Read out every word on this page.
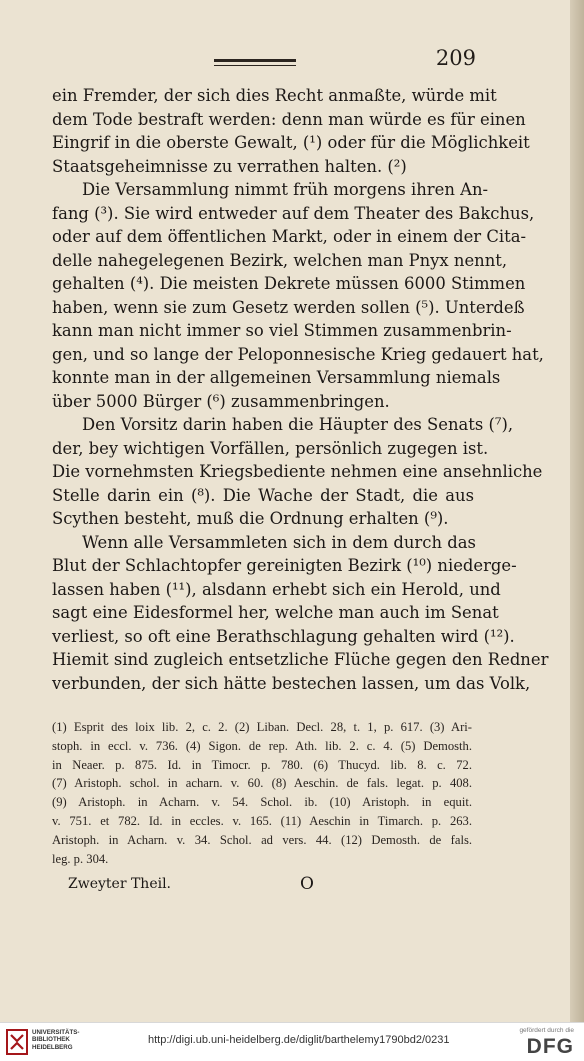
209
ein Fremder, der sich dies Recht anmaßte, würde mit
dem Tode bestraft werden: denn man würde es für einen
Eingrif in die oberste Gewalt, (¹) oder für die Möglichkeit
Staatsgeheimnisse zu verrathen halten. (²)
Die Versammlung nimmt früh morgens ihren An-
fang (³). Sie wird entweder auf dem Theater des Bakchus,
oder auf dem öffentlichen Markt, oder in einem der Cita-
delle nahegelegenen Bezirk, welchen man Pnyx nennt,
gehalten (⁴). Die meisten Dekrete müssen 6000 Stimmen
haben, wenn sie zum Gesetz werden sollen (⁵). Unterdeß
kann man nicht immer so viel Stimmen zusammenbrin-
gen, und so lange der Peloponnesische Krieg gedauert hat,
konnte man in der allgemeinen Versammlung niemals
über 5000 Bürger (⁶) zusammenbringen.
Den Vorsitz darin haben die Häupter des Senats (⁷),
der, bey wichtigen Vorfällen, persönlich zugegen ist.
Die vornehmsten Kriegsbediente nehmen eine ansehnliche
Stelle darin ein (⁸). Die Wache der Stadt, die aus
Scythen besteht, muß die Ordnung erhalten (⁹).
Wenn alle Versammleten sich in dem durch das
Blut der Schlachtopfer gereinigten Bezirk (¹⁰) niederge-
lassen haben (¹¹), alsdann erhebt sich ein Herold, und
sagt eine Eidesformel her, welche man auch im Senat
verliest, so oft eine Berathschlagung gehalten wird (¹²).
Hiemit sind zugleich entsetzliche Flüche gegen den Redner
verbunden, der sich hätte bestechen lassen, um das Volk,
(1) Esprit des loix lib. 2, c. 2. (2) Liban. Decl. 28, t. 1, p. 617. (3) Ari-
stoph. in eccl. v. 736. (4) Sigon. de rep. Ath. lib. 2. c. 4. (5) Demosth.
in Neaer. p. 875. Id. in Timocr. p. 780. (6) Thucyd. lib. 8. c. 72.
(7) Aristoph. schol. in acharn. v. 60. (8) Aeschin. de fals. legat. p. 408.
(9) Aristoph. in Acharn. v. 54. Schol. ib. (10) Aristoph. in equit.
v. 751. et 782. Id. in eccles. v. 165. (11) Aeschin in Timarch. p. 263.
Aristoph. in Acharn. v. 34. Schol. ad vers. 44. (12) Demosth. de fals.
leg. p. 304.
Zweyter Theil.	O
UNIVERSITÄTS-
BIBLIOTHEK
HEIDELBERG
http://digi.ub.uni-heidelberg.de/diglit/barthelemy1790bd2/0231
gefördert durch die
DFG
